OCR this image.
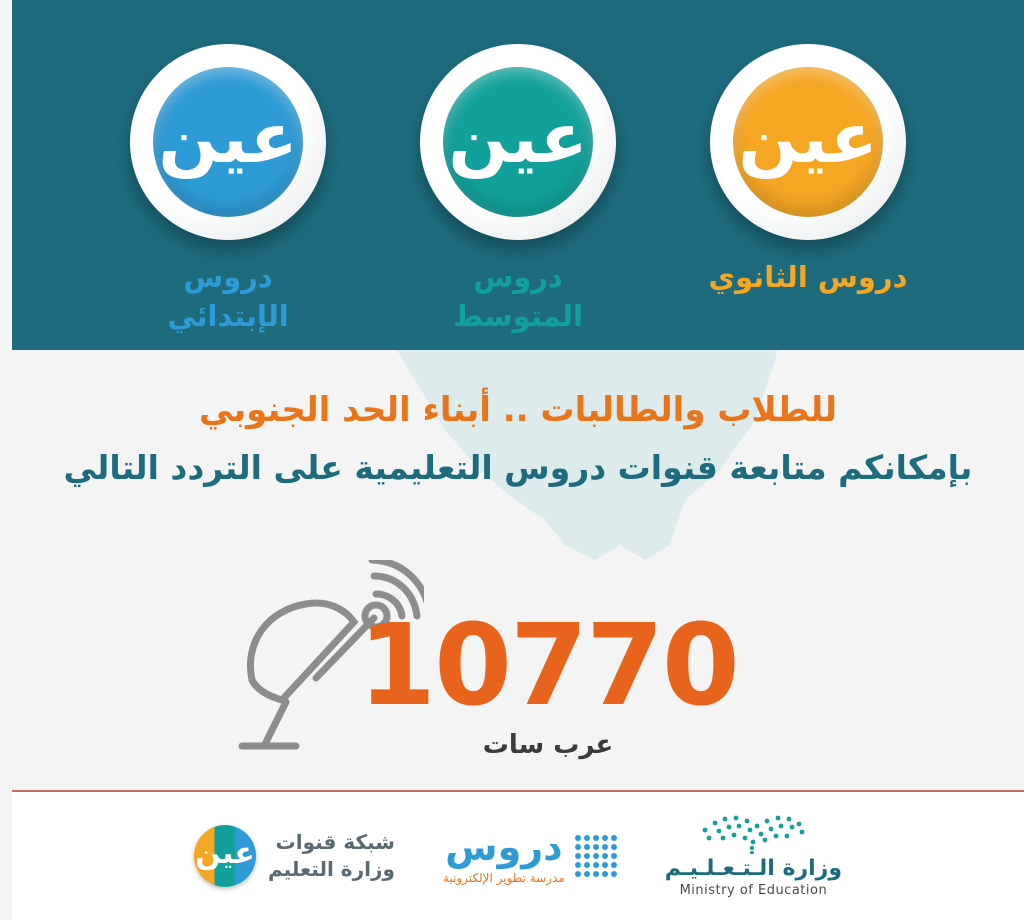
عين
دروس الإبتدائي
عين
دروس المتوسط
عين
دروس الثانوي
للطلاب والطالبات .. أبناء الحد الجنوبي
بإمكانكم متابعة قنوات دروس التعليمية على التردد التالي
10770
عرب سات
شبكة قنوات
وزارة التعليم
عين	دروس
مدرسة تطوير الإلكترونية	وزارة الـتـعـلـيـم
Ministry of Education
